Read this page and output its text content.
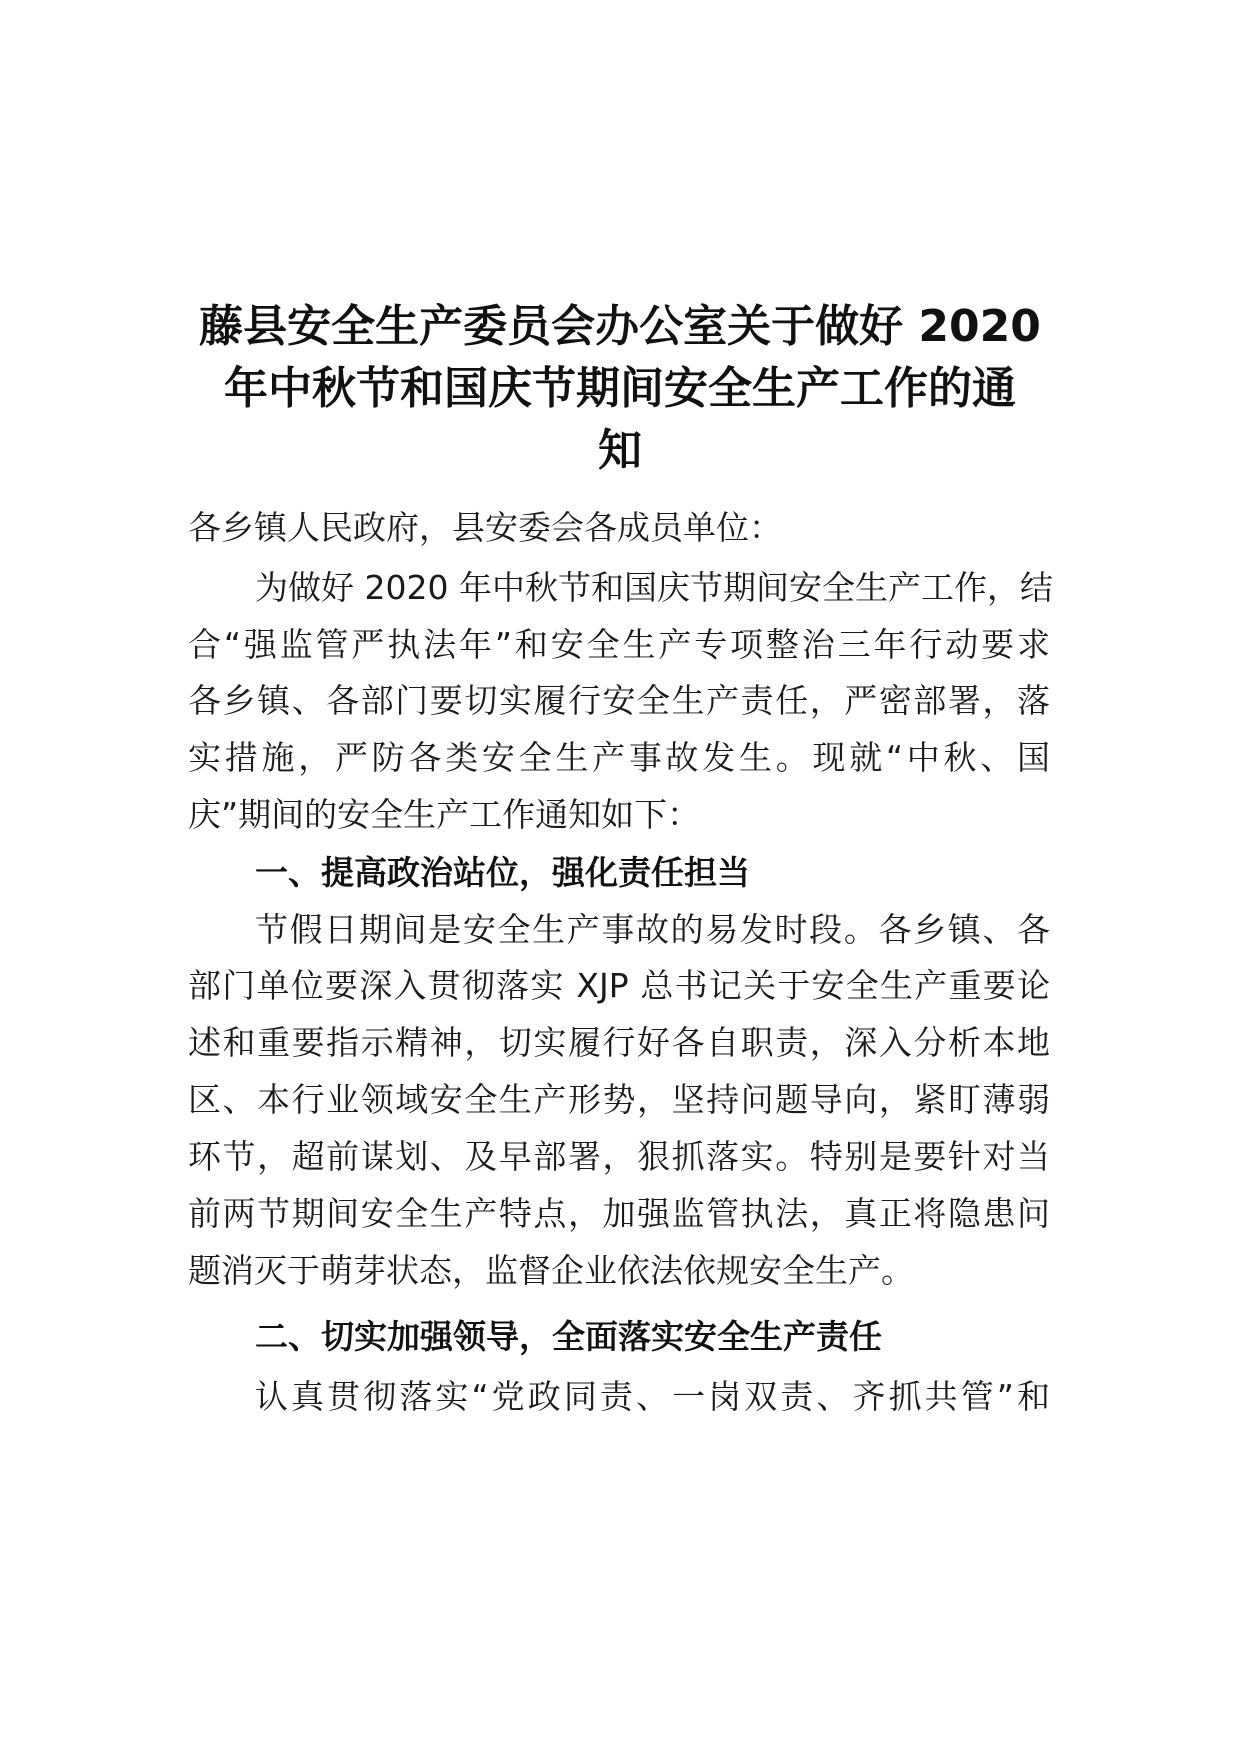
藤县安全生产委员会办公室关于做好 2020
年中秋节和国庆节期间安全生产工作的通
知
各乡镇人民政府，县安委会各成员单位：
为做好 2020 年中秋节和国庆节期间安全生产工作，结
合“强监管严执法年”和安全生产专项整治三年行动要求
各乡镇、各部门要切实履行安全生产责任，严密部署，落
实措施，严防各类安全生产事故发生。现就“中秋、国
庆”期间的安全生产工作通知如下：
一、提高政治站位，强化责任担当
节假日期间是安全生产事故的易发时段。各乡镇、各
部门单位要深入贯彻落实 XJP 总书记关于安全生产重要论
述和重要指示精神，切实履行好各自职责，深入分析本地
区、本行业领域安全生产形势，坚持问题导向，紧盯薄弱
环节，超前谋划、及早部署，狠抓落实。特别是要针对当
前两节期间安全生产特点，加强监管执法，真正将隐患问
题消灭于萌芽状态，监督企业依法依规安全生产。
二、切实加强领导，全面落实安全生产责任
认真贯彻落实“党政同责、一岗双责、齐抓共管”和
